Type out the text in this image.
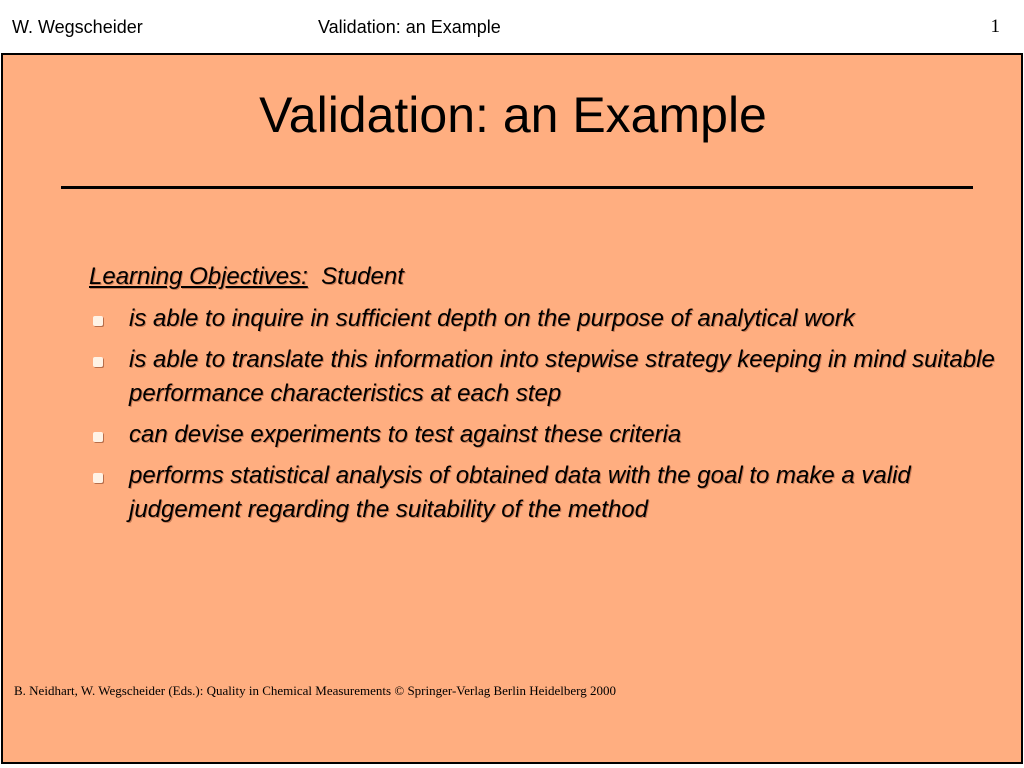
W. Wegscheider	Validation: an Example	1
Validation: an Example
Learning Objectives: Student
is able to inquire in sufficient depth on the purpose of analytical work
is able to translate this information into stepwise strategy keeping in mind suitable performance characteristics at each step
can devise experiments to test against these criteria
performs statistical analysis of obtained data with the goal to make a valid judgement regarding the suitability of the method
B. Neidhart, W. Wegscheider (Eds.): Quality in Chemical Measurements © Springer-Verlag Berlin Heidelberg 2000
